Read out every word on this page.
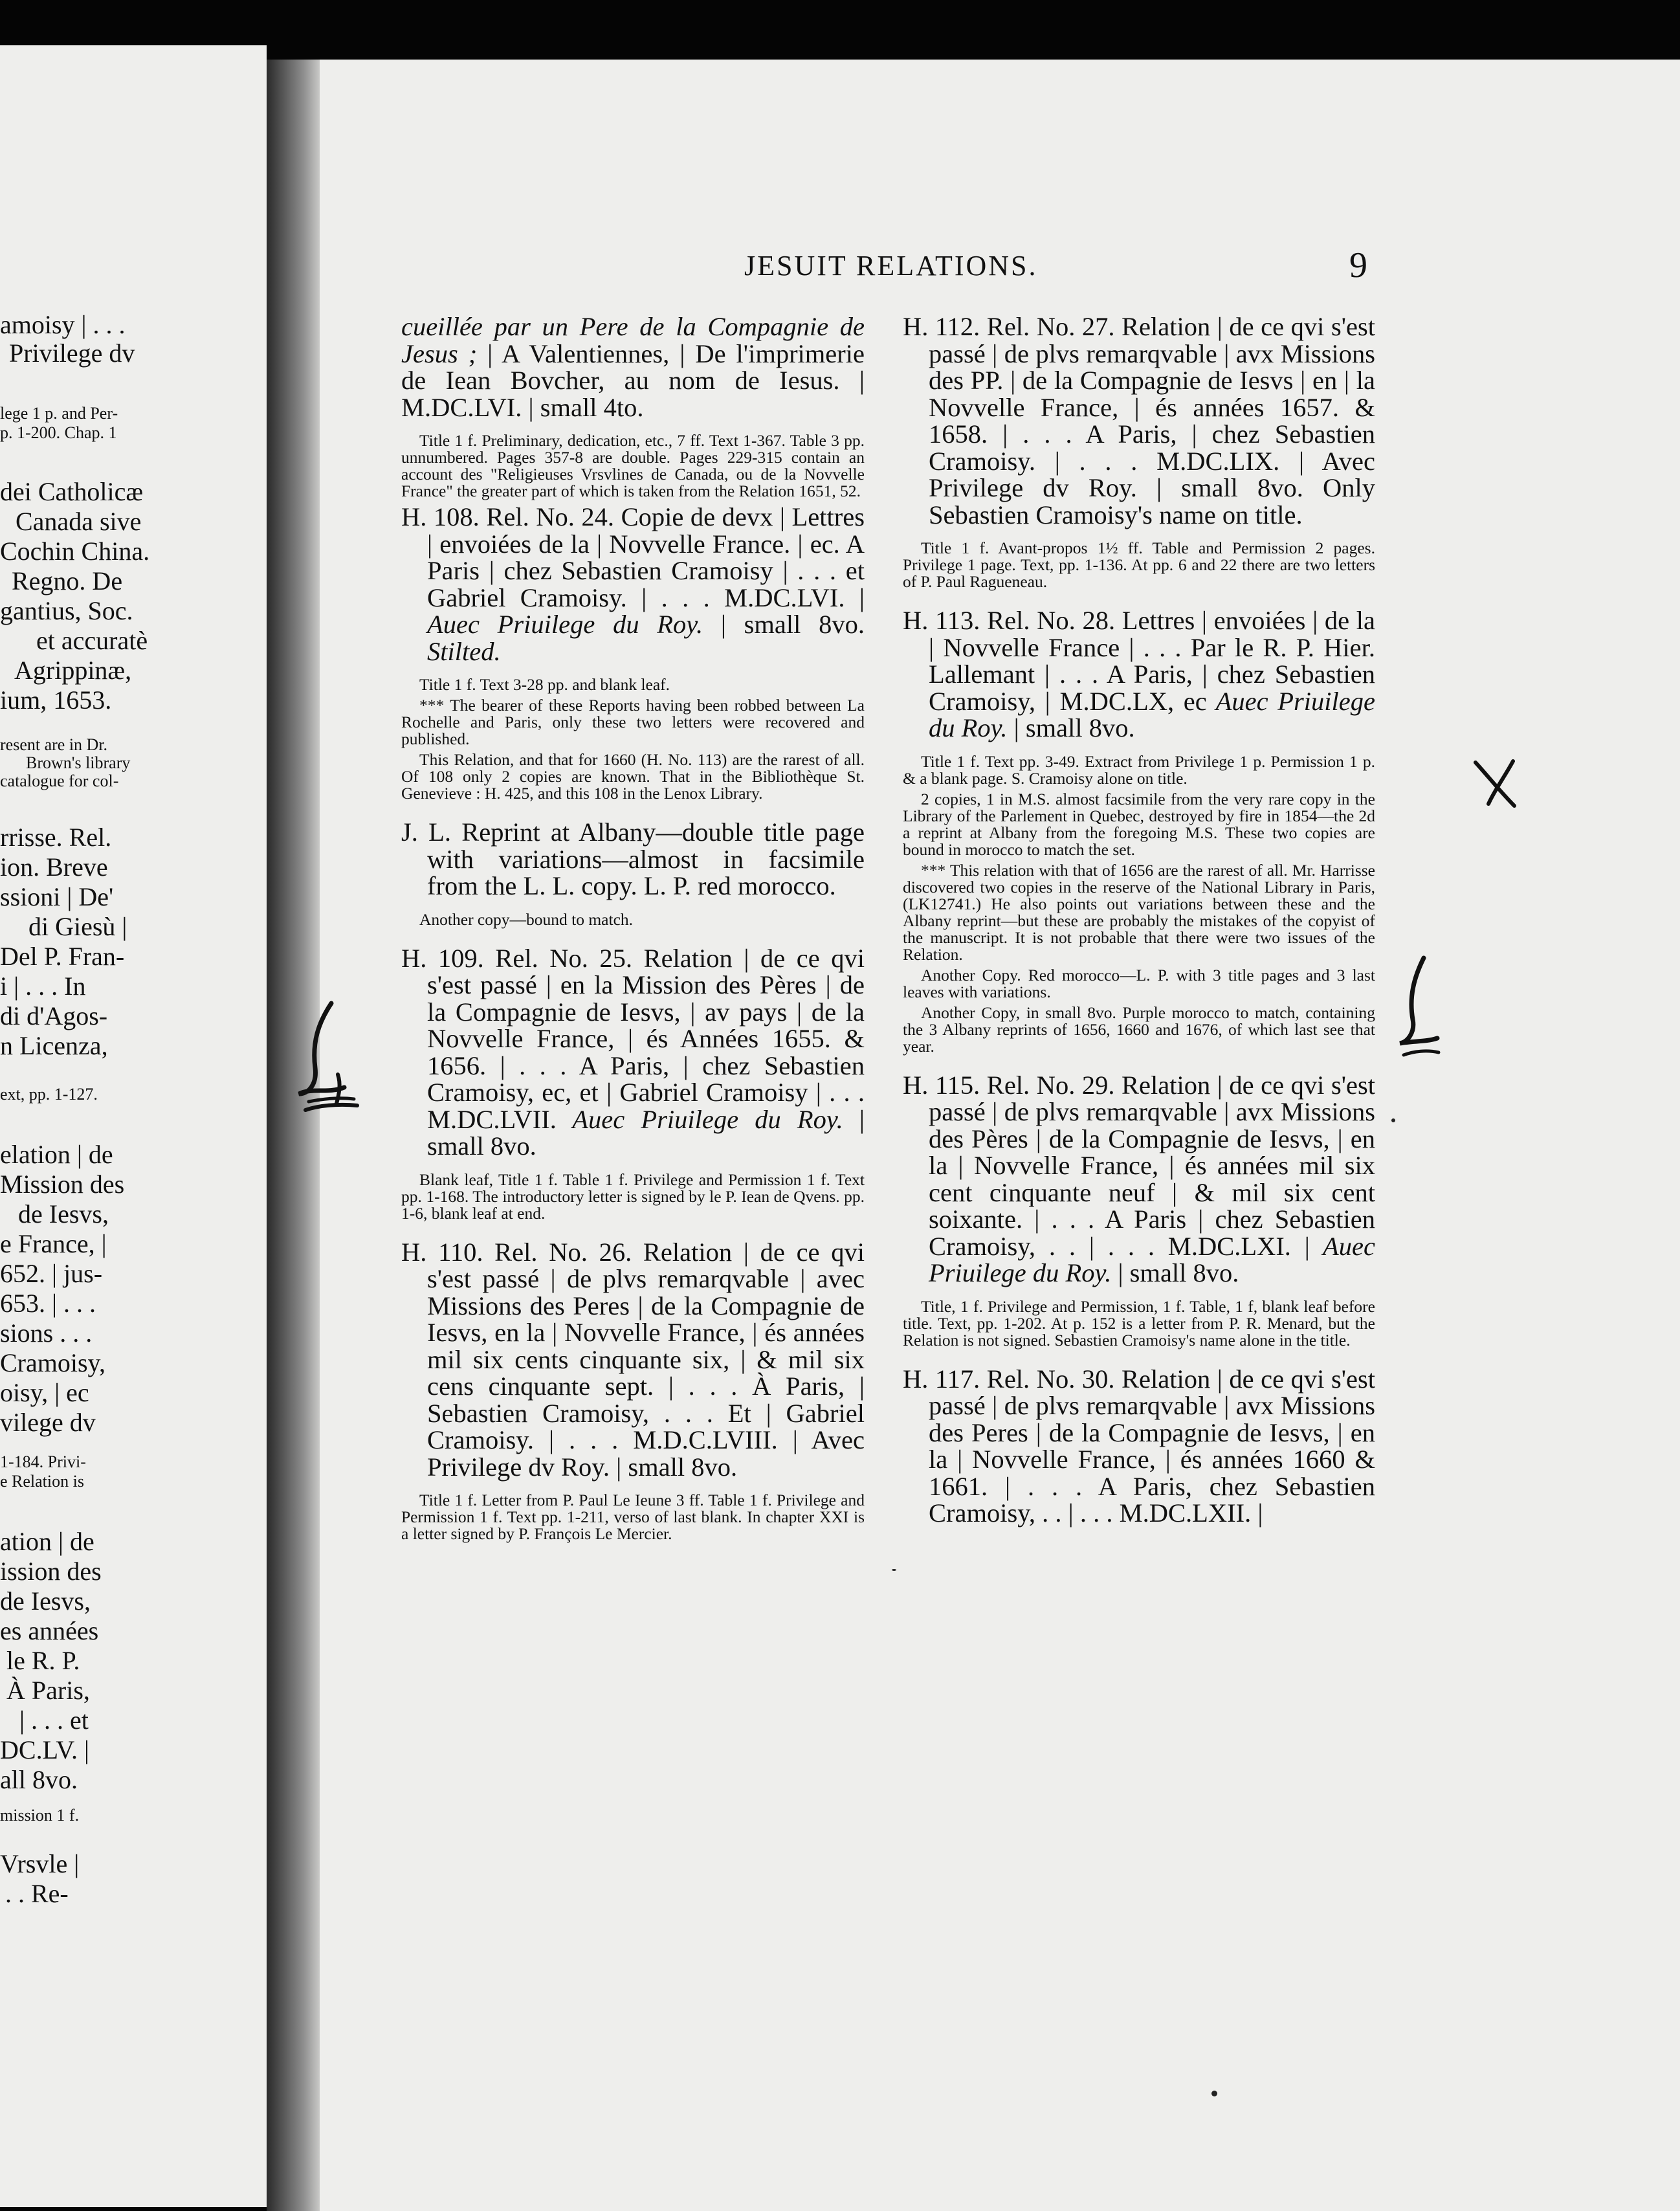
amoisy | . . .
Privilege dv
lege 1 p. and Per-
p. 1-200. Chap. 1
dei Catholicæ
Canada sive
Cochin China.
Regno. De
gantius, Soc.
et accuratè
Agrippinæ,
ium, 1653.
resent are in Dr.
Brown's library
catalogue for col-
rrisse. Rel.
ion. Breve
ssioni | De'
di Giesù |
Del P. Fran-
i | . . . In
di d'Agos-
n Licenza,
ext, pp. 1-127.
elation | de
Mission des
de Iesvs,
e France, |
652. | jus-
653. | . . .
sions . . .
Cramoisy,
oisy, | ec
vilege dv
1-184. Privi-
e Relation is
ation | de
ission des
de Iesvs,
es années
le R. P.
À Paris,
| . . . et
DC.LV. |
all 8vo.
mission 1 f.
Vrsvle |
. . Re-
JESUIT RELATIONS.	9

cueillée par un Pere de la Compagnie de Jesus ; | A Valentiennes, | De l'imprimerie de Iean Bovcher, au nom de Iesus. | M.DC.LVI. | small 4to.

Title 1 f. Preliminary, dedication, etc., 7 ff. Text 1-367. Table 3 pp. unnumbered. Pages 357-8 are double. Pages 229-315 contain an account des "Religieuses Vrsvlines de Canada, ou de la Novvelle France" the greater part of which is taken from the Relation 1651, 52.

H. 108. Rel. No. 24. Copie de devx | Lettres | envoiées de la | Novvelle France. | ec. A Paris | chez Sebastien Cramoisy | . . . et Gabriel Cramoisy. | . . . M.DC.LVI. | Auec Priuilege du Roy. | small 8vo. Stilted.

Title 1 f. Text 3-28 pp. and blank leaf.

*** The bearer of these Reports having been robbed between La Rochelle and Paris, only these two letters were recovered and published.

This Relation, and that for 1660 (H. No. 113) are the rarest of all. Of 108 only 2 copies are known. That in the Bibliothèque St. Genevieve : H. 425, and this 108 in the Lenox Library.

J. L. Reprint at Albany—double title page with variations—almost in facsimile from the L. L. copy. L. P. red morocco.

Another copy—bound to match.

H. 109. Rel. No. 25. Relation | de ce qvi s'est passé | en la Mission des Pères | de la Compagnie de Iesvs, | av pays | de la Novvelle France, | és Années 1655. & 1656. | . . . A Paris, | chez Sebastien Cramoisy, ec, et | Gabriel Cramoisy | . . . M.DC.LVII. Auec Priuilege du Roy. | small 8vo.

Blank leaf, Title 1 f. Table 1 f. Privilege and Permission 1 f. Text pp. 1-168. The introductory letter is signed by le P. Iean de Qvens. pp. 1-6, blank leaf at end.

H. 110. Rel. No. 26. Relation | de ce qvi s'est passé | de plvs remarqvable | avec Missions des Peres | de la Compagnie de Iesvs, en la | Novvelle France, | és années mil six cents cinquante six, | & mil six cens cinquante sept. | . . . À Paris, | Sebastien Cramoisy, . . . Et | Gabriel Cramoisy. | . . . M.D.C.LVIII. | Avec Privilege dv Roy. | small 8vo.

Title 1 f. Letter from P. Paul Le Ieune 3 ff. Table 1 f. Privilege and Permission 1 f. Text pp. 1-211, verso of last blank. In chapter XXI is a letter signed by P. François Le Mercier.

H. 112. Rel. No. 27. Relation | de ce qvi s'est passé | de plvs remarqvable | avx Missions des PP. | de la Compagnie de Iesvs | en | la Novvelle France, | és années 1657. & 1658. | . . . A Paris, | chez Sebastien Cramoisy. | . . . M.DC.LIX. | Avec Privilege dv Roy. | small 8vo. Only Sebastien Cramoisy's name on title.

Title 1 f. Avant-propos 1½ ff. Table and Permission 2 pages. Privilege 1 page. Text, pp. 1-136. At pp. 6 and 22 there are two letters of P. Paul Ragueneau.

H. 113. Rel. No. 28. Lettres | envoiées | de la | Novvelle France | . . . Par le R. P. Hier. Lallemant | . . . A Paris, | chez Sebastien Cramoisy, | M.DC.LX, ec Auec Priuilege du Roy. | small 8vo.

Title 1 f. Text pp. 3-49. Extract from Privilege 1 p. Permission 1 p. & a blank page. S. Cramoisy alone on title.

2 copies, 1 in M.S. almost facsimile from the very rare copy in the Library of the Parlement in Quebec, destroyed by fire in 1854—the 2d a reprint at Albany from the foregoing M.S. These two copies are bound in morocco to match the set.

*** This relation with that of 1656 are the rarest of all. Mr. Harrisse discovered two copies in the reserve of the National Library in Paris, (LK12741.) He also points out variations between these and the Albany reprint—but these are probably the mistakes of the copyist of the manuscript. It is not probable that there were two issues of the Relation.

Another Copy. Red morocco—L. P. with 3 title pages and 3 last leaves with variations.

Another Copy, in small 8vo. Purple morocco to match, containing the 3 Albany reprints of 1656, 1660 and 1676, of which last see that year.

H. 115. Rel. No. 29. Relation | de ce qvi s'est passé | de plvs remarqvable | avx Missions des Pères | de la Compagnie de Iesvs, | en la | Novvelle France, | és années mil six cent cinquante neuf | & mil six cent soixante. | . . . A Paris | chez Sebastien Cramoisy, . . | . . . M.DC.LXI. | Auec Priuilege du Roy. | small 8vo.

Title, 1 f. Privilege and Permission, 1 f. Table, 1 f, blank leaf before title. Text, pp. 1-202. At p. 152 is a letter from P. R. Menard, but the Relation is not signed. Sebastien Cramoisy's name alone in the title.

H. 117. Rel. No. 30. Relation | de ce qvi s'est passé | de plvs remarqvable | avx Missions des Peres | de la Compagnie de Iesvs, | en la | Novvelle France, | és années 1660 & 1661. | . . . A Paris, chez Sebastien Cramoisy, . . | . . . M.DC.LXII. |
